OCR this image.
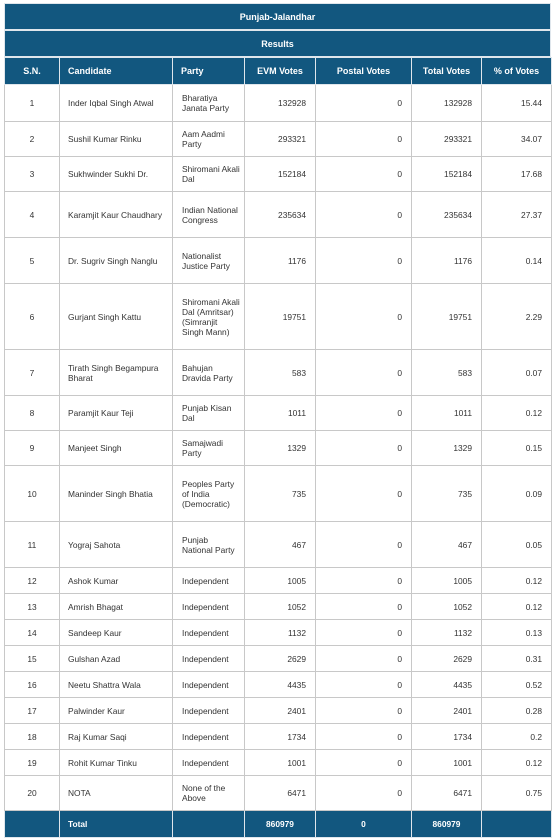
Punjab-Jalandhar
Results
S.N.	Candidate	Party	EVM Votes	Postal Votes	Total Votes	% of Votes
1	Inder Iqbal Singh Atwal	Bharatiya Janata Party	132928	0	132928	15.44
2	Sushil Kumar Rinku	Aam Aadmi Party	293321	0	293321	34.07
3	Sukhwinder Sukhi Dr.	Shiromani Akali Dal	152184	0	152184	17.68
4	Karamjit Kaur Chaudhary	Indian National Congress	235634	0	235634	27.37
5	Dr. Sugriv Singh Nanglu	Nationalist Justice Party	1176	0	1176	0.14
6	Gurjant Singh Kattu	Shiromani Akali Dal (Amritsar)(Simranjit Singh Mann)	19751	0	19751	2.29
7	Tirath Singh Begampura Bharat	Bahujan Dravida Party	583	0	583	0.07
8	Paramjit Kaur Teji	Punjab Kisan Dal	1011	0	1011	0.12
9	Manjeet Singh	Samajwadi Party	1329	0	1329	0.15
10	Maninder Singh Bhatia	Peoples Party of India (Democratic)	735	0	735	0.09
11	Yograj Sahota	Punjab National Party	467	0	467	0.05
12	Ashok Kumar	Independent	1005	0	1005	0.12
13	Amrish Bhagat	Independent	1052	0	1052	0.12
14	Sandeep Kaur	Independent	1132	0	1132	0.13
15	Gulshan Azad	Independent	2629	0	2629	0.31
16	Neetu Shattra Wala	Independent	4435	0	4435	0.52
17	Palwinder Kaur	Independent	2401	0	2401	0.28
18	Raj Kumar Saqi	Independent	1734	0	1734	0.2
19	Rohit Kumar Tinku	Independent	1001	0	1001	0.12
20	NOTA	None of the Above	6471	0	6471	0.75
	Total		860979	0	860979	
